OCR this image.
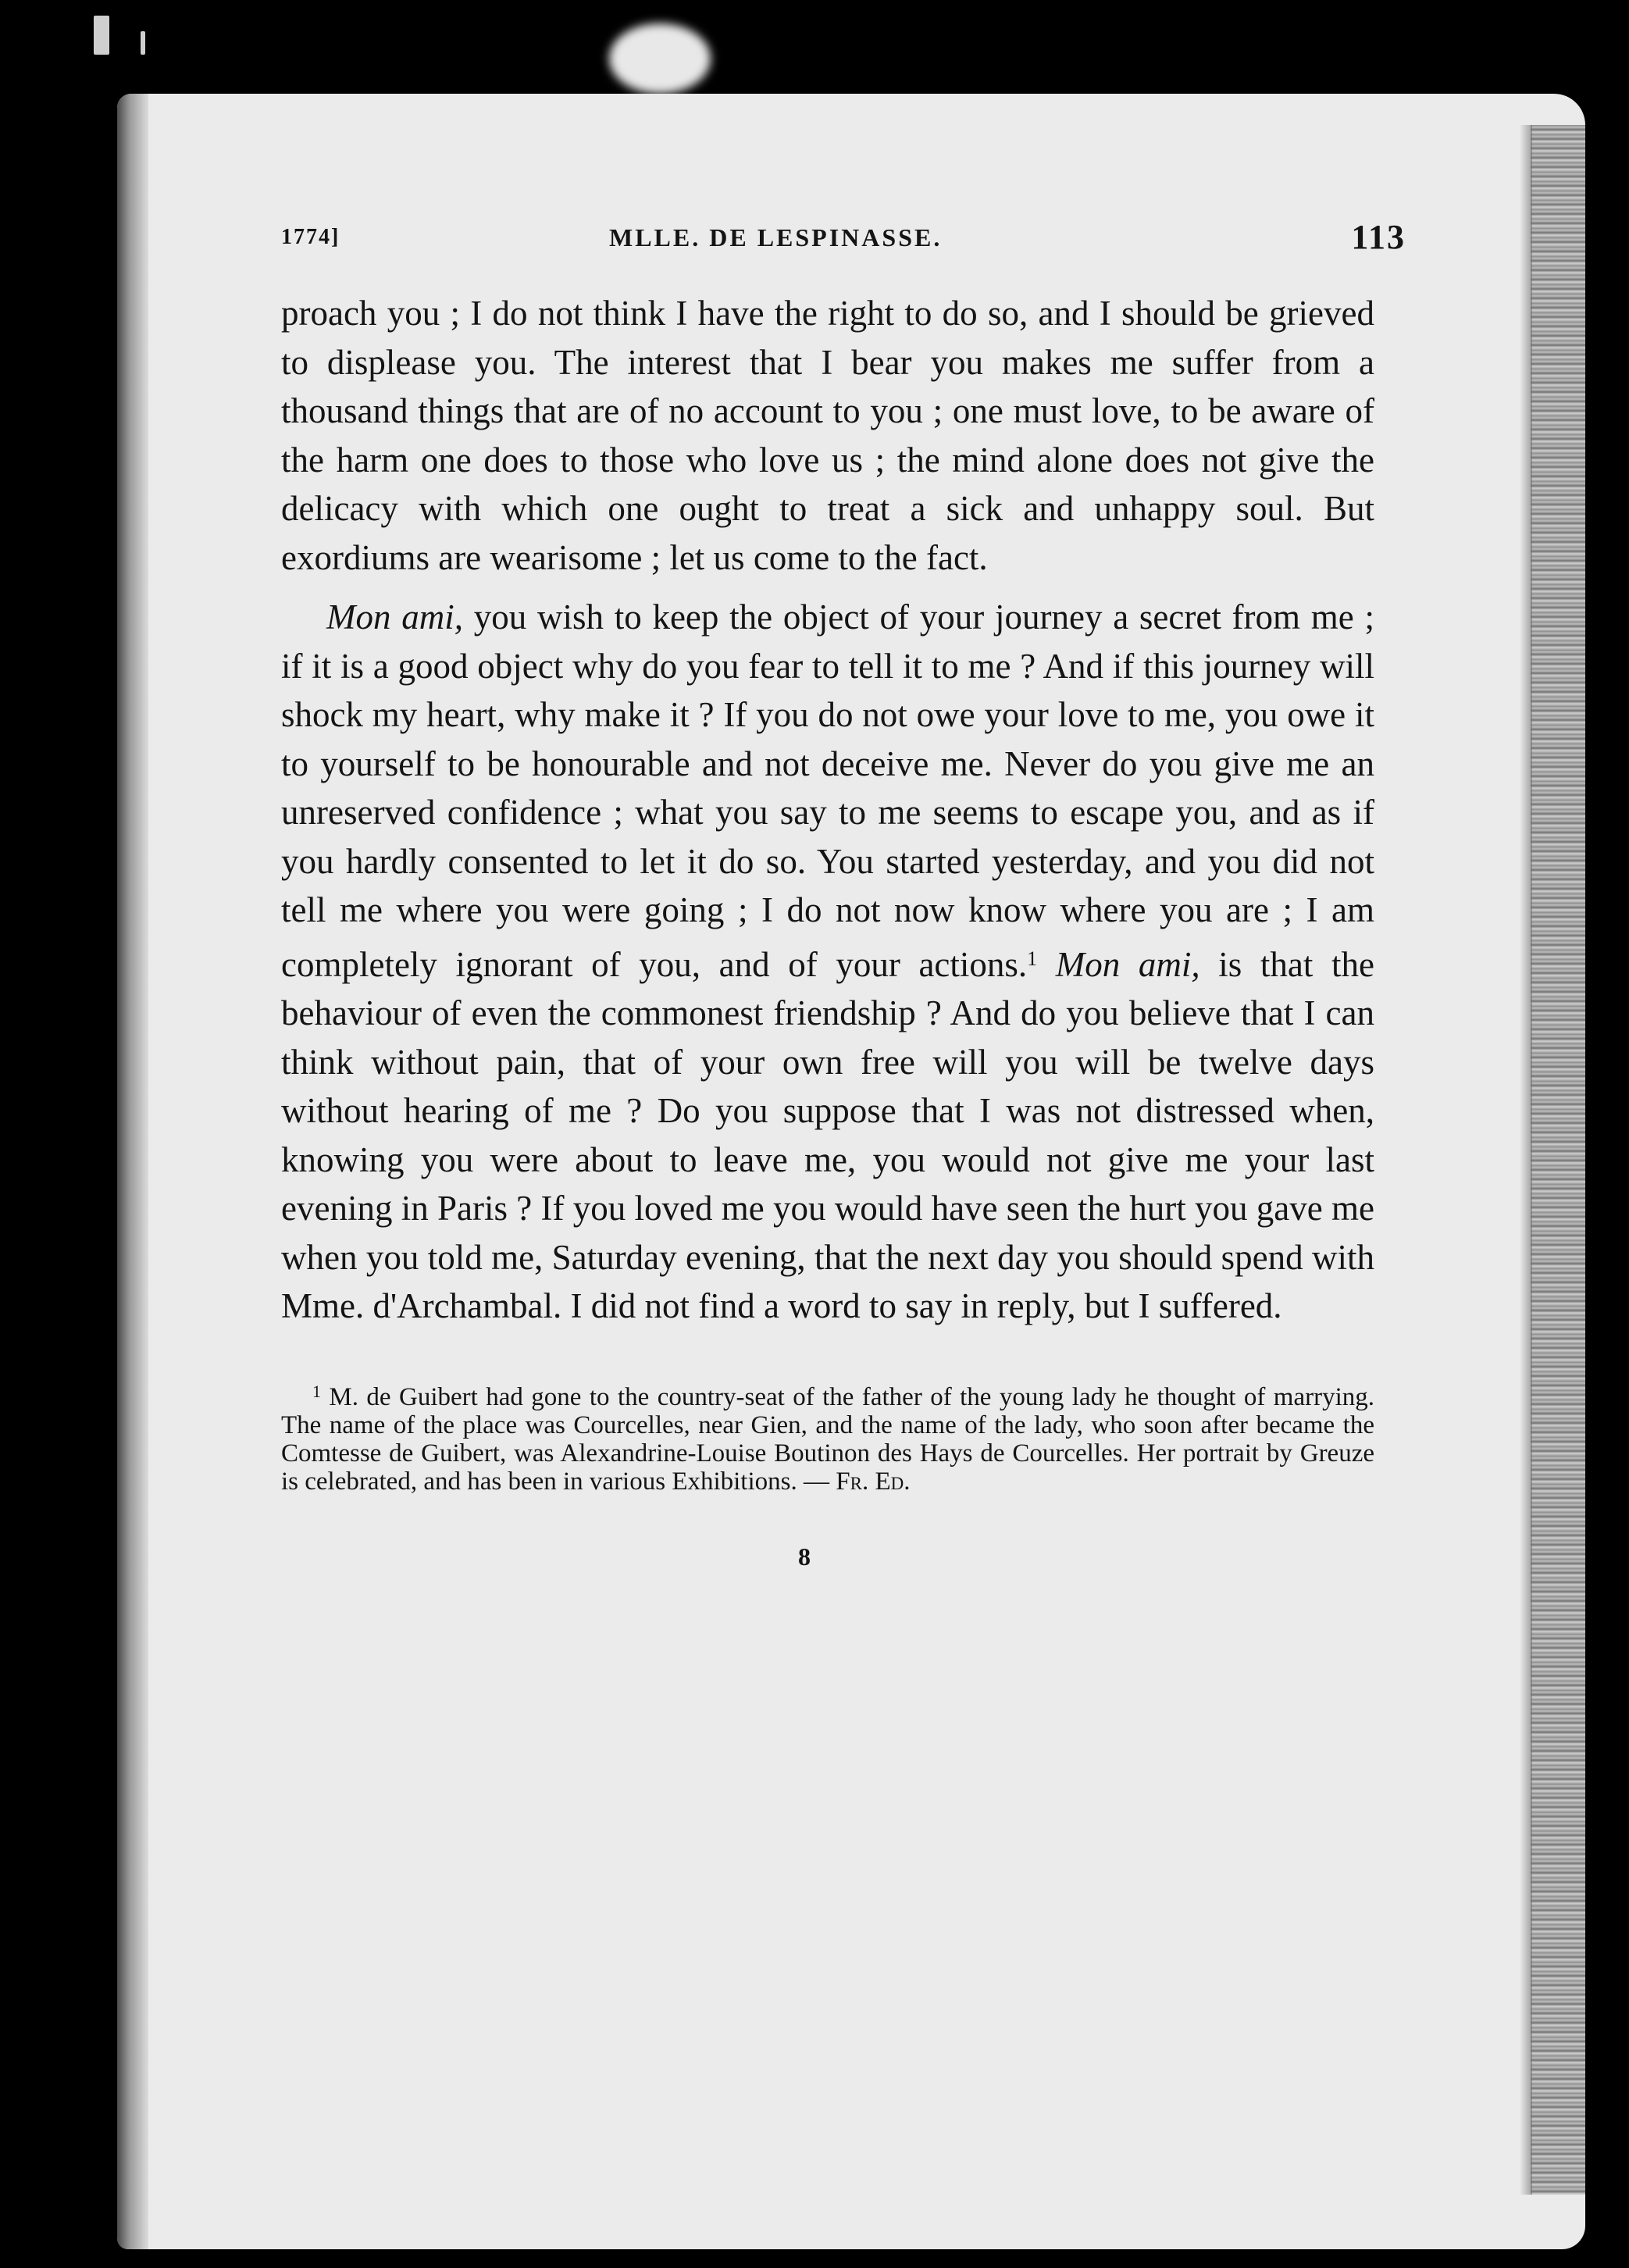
1774]	MLLE. DE LESPINASSE.	113

proach you ; I do not think I have the right to do so, and I should be grieved to displease you. The interest that I bear you makes me suffer from a thousand things that are of no account to you ; one must love, to be aware of the harm one does to those who love us ; the mind alone does not give the delicacy with which one ought to treat a sick and unhappy soul. But exordiums are wearisome ; let us come to the fact.

Mon ami, you wish to keep the object of your journey a secret from me ; if it is a good object why do you fear to tell it to me ? And if this journey will shock my heart, why make it ? If you do not owe your love to me, you owe it to yourself to be honourable and not deceive me. Never do you give me an unreserved confidence ; what you say to me seems to escape you, and as if you hardly consented to let it do so. You started yesterday, and you did not tell me where you were going ; I do not now know where you are ; I am completely ignorant of you, and of your actions.$^1$ Mon ami, is that the behaviour of even the commonest friendship ? And do you believe that I can think without pain, that of your own free will you will be twelve days without hearing of me ? Do you suppose that I was not distressed when, knowing you were about to leave me, you would not give me your last evening in Paris ? If you loved me you would have seen the hurt you gave me when you told me, Saturday evening, that the next day you should spend with Mme. d'Archambal. I did not find a word to say in reply, but I suffered.

$^1$ M. de Guibert had gone to the country-seat of the father of the young lady he thought of marrying. The name of the place was Courcelles, near Gien, and the name of the lady, who soon after became the Comtesse de Guibert, was Alexandrine-Louise Boutinon des Hays de Courcelles. Her portrait by Greuze is celebrated, and has been in various Exhibitions. — Fr. Ed.
8
